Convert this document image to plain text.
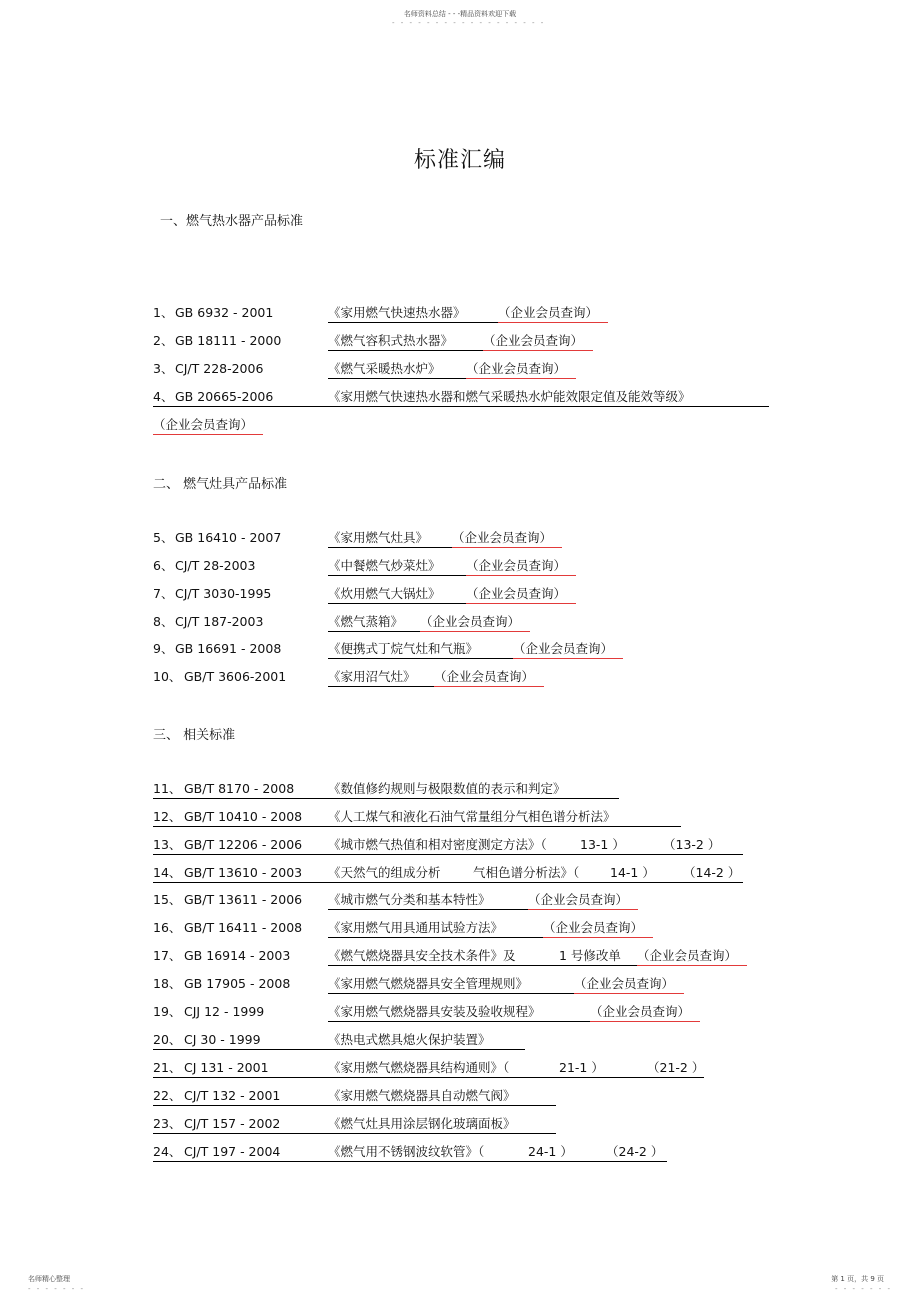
名师资料总结 - - -精品资料欢迎下载
- - - - - - - - - - - - - - - - - -
标准汇编
一、燃气热水器产品标准
1、 GB 6932 - 2001	《家用燃气快速热水器》	（企业会员查询）
2、 GB 18111 - 2000	《燃气容积式热水器》 （企业会员查询）
3、 CJ/T 228-2006	《燃气采暖热水炉》 （企业会员查询）
4、 GB 20665-2006	《家用燃气快速热水器和燃气采暖热水炉能效限定值及能效等级》
（企业会员查询）
二、 燃气灶具产品标准
5、 GB 16410 - 2007	《家用燃气灶具》 （企业会员查询）
6、 CJ/T 28-2003	《中餐燃气炒菜灶》 （企业会员查询）
7、 CJ/T 3030-1995	《炊用燃气大锅灶》 （企业会员查询）
8、 CJ/T 187-2003	《燃气蒸箱》 （企业会员查询）
9、 GB 16691 - 2008	《便携式丁烷气灶和气瓶》	（企业会员查询）
10、 GB/T 3606-2001	《家用沼气灶》 （企业会员查询）
三、 相关标准
11、 GB/T 8170 - 2008	《数值修约规则与极限数值的表示和判定》
12、 GB/T 10410 - 2008 《人工煤气和液化石油气常量组分气相色谱分析法》
13、 GB/T 12206 - 2006 《城市燃气热值和相对密度测定方法》（	13-1 ）	（13-2 ）
14、 GB/T 13610 - 2003 《天然气的组成分析	气相色谱分析法》（ 14-1 ） （14-2 ）
15、 GB/T 13611 - 2006 《城市燃气分类和基本特性》	（企业会员查询）
16、 GB/T 16411 - 2008 《家用燃气用具通用试验方法》	（企业会员查询）
17、 GB 16914 - 2003	《燃气燃烧器具安全技术条件》及	1 号修改单 （企业会员查询）
18、 GB 17905 - 2008	《家用燃气燃烧器具安全管理规则》	（企业会员查询）
19、 CJJ 12 - 1999	《家用燃气燃烧器具安装及验收规程》	（企业会员查询）
20、 CJ 30 - 1999	《热电式燃具熄火保护装置》
21、 CJ 131 - 2001	《家用燃气燃烧器具结构通则》（	21-1 ）	（21-2 ）
22、 CJ/T 132 - 2001	《家用燃气燃烧器具自动燃气阀》
23、 CJ/T 157 - 2002	《燃气灶具用涂层钢化玻璃面板》
24、 CJ/T 197 - 2004	《燃气用不锈钢波纹软管》（	24-1 ）	（24-2 ）
名师精心整理	第 1 页，共 9 页
- - - - - - -	- - - - - - -
